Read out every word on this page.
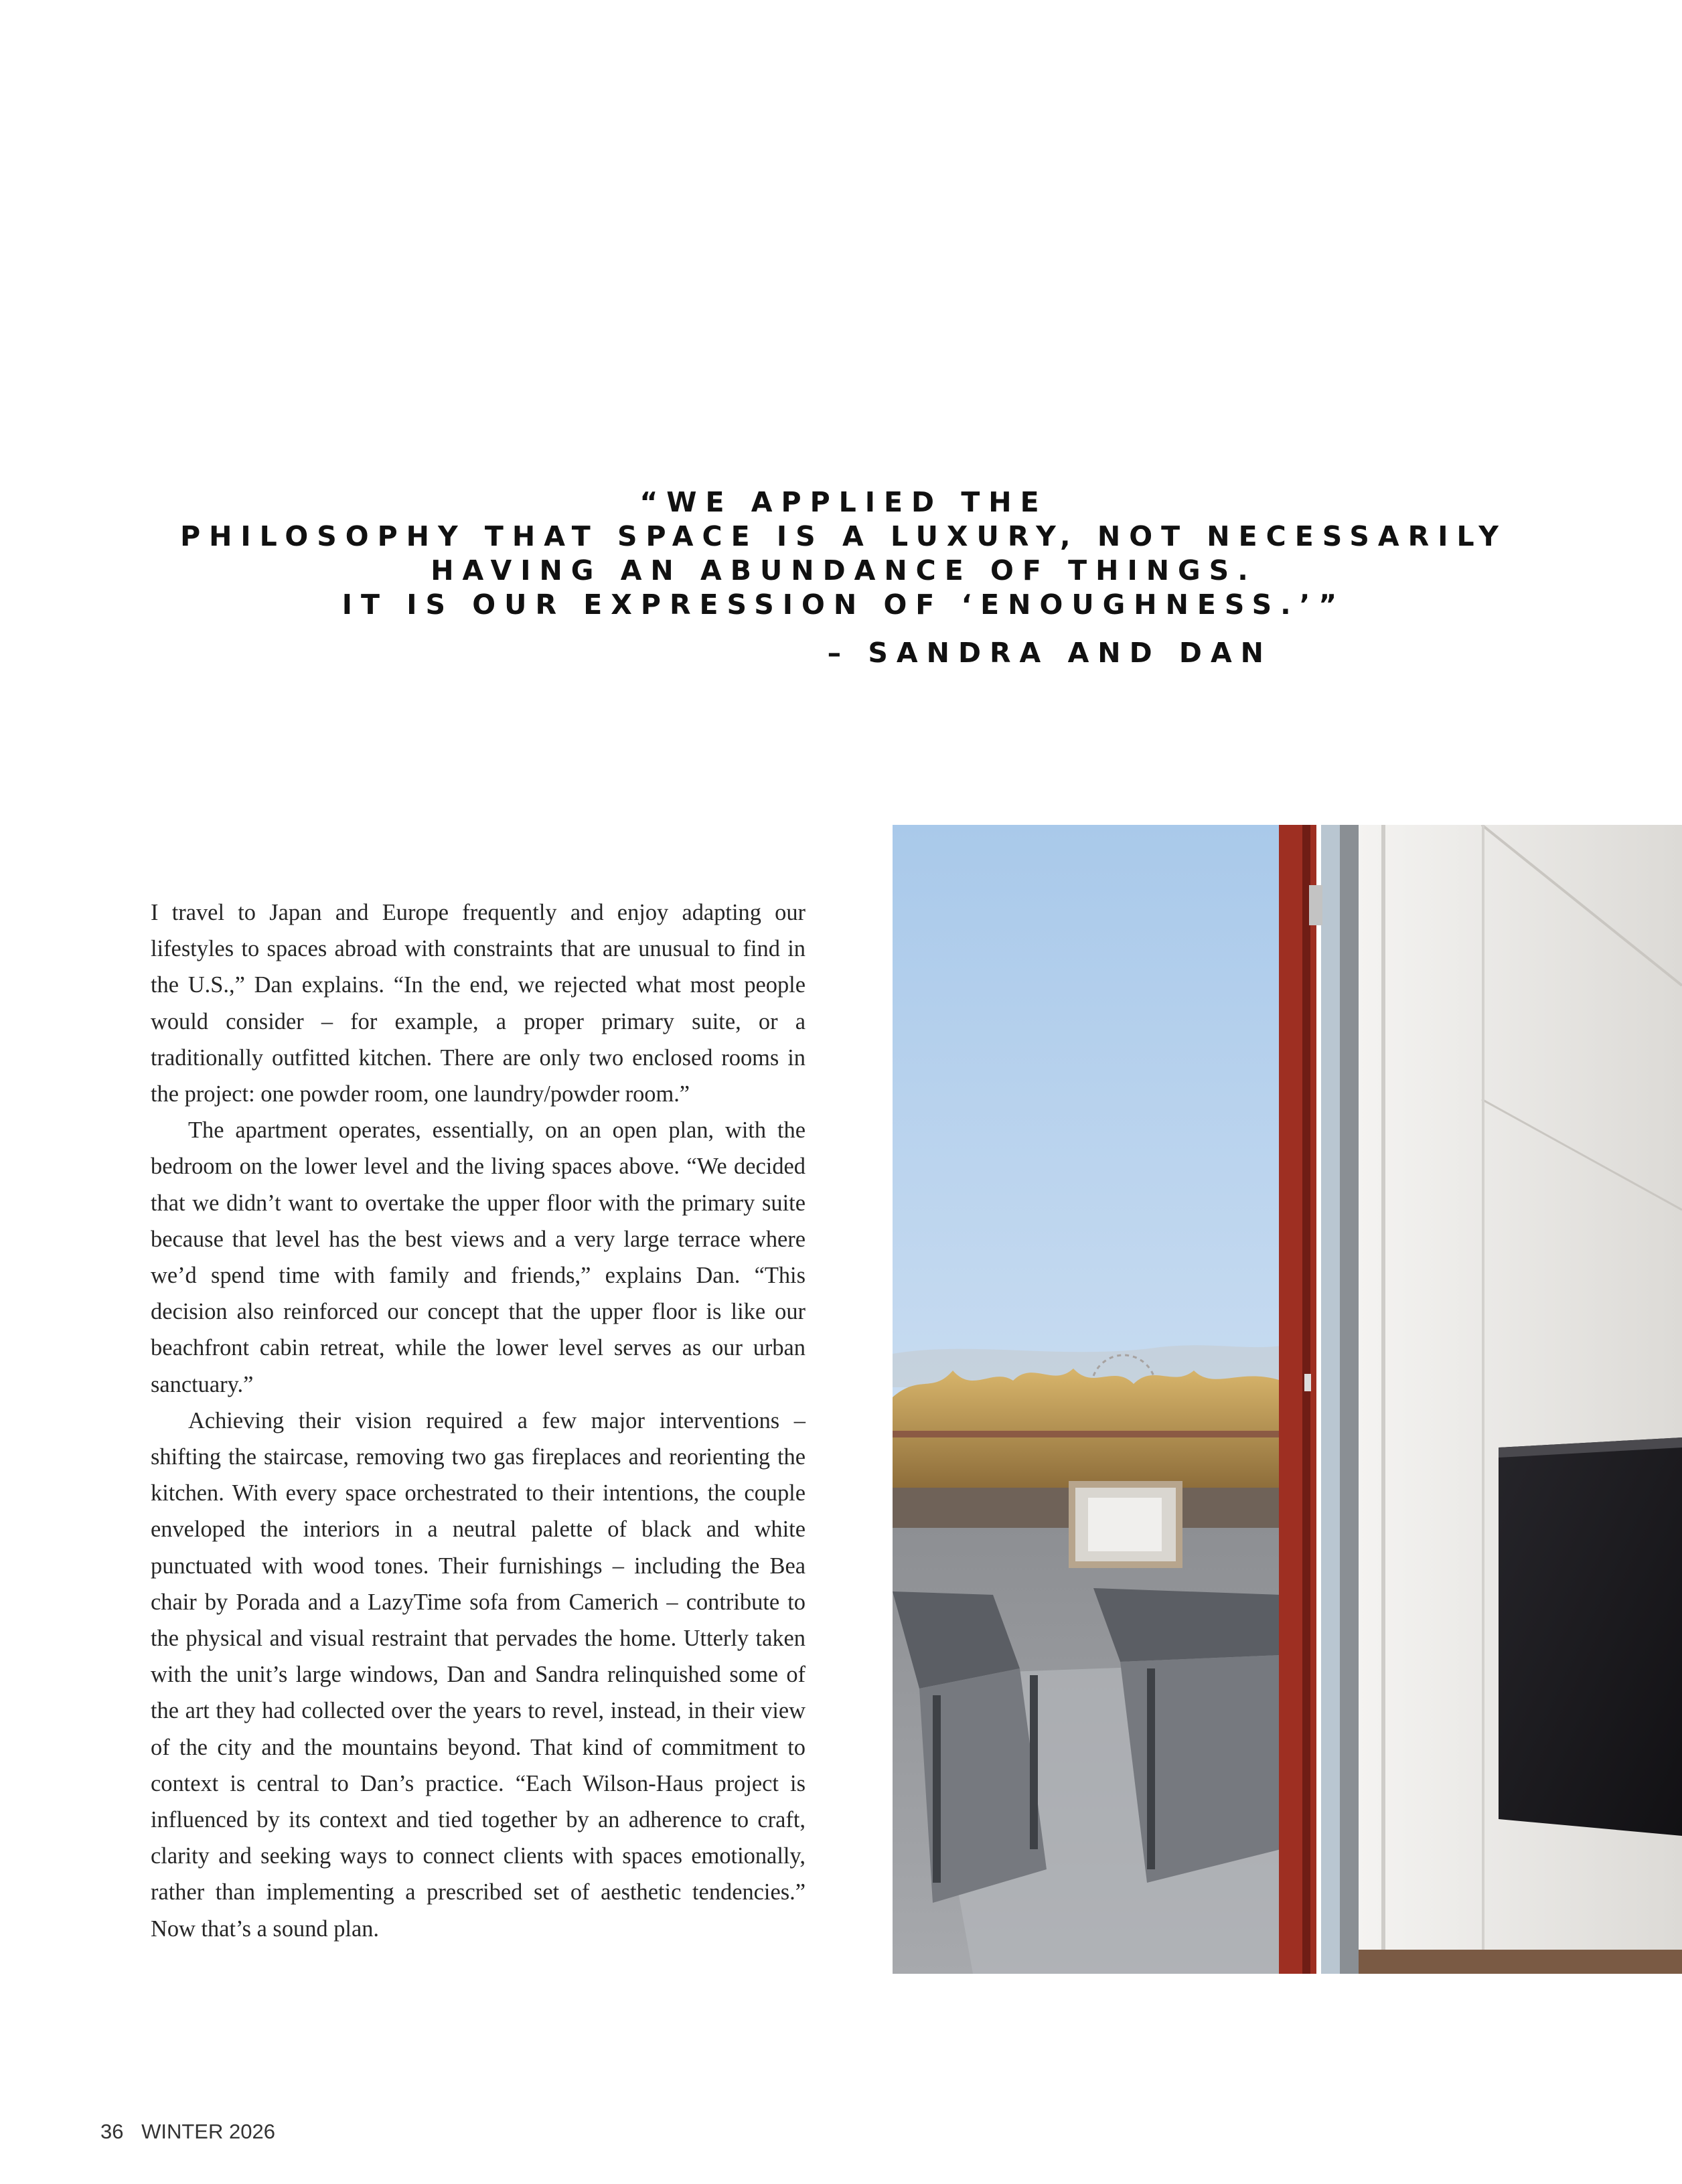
“WE APPLIED THE
PHILOSOPHY THAT SPACE IS A LUXURY, NOT NECESSARILY
HAVING AN ABUNDANCE OF THINGS.
IT IS OUR EXPRESSION OF ‘ENOUGHNESS.’”
– SANDRA AND DAN

I travel to Japan and Europe frequently and enjoy adapting our lifestyles to spaces abroad with constraints that are unusual to find in the U.S.,” Dan explains. “In the end, we rejected what most people would consider – for example, a proper primary suite, or a traditionally outfitted kitchen. There are only two enclosed rooms in the project: one powder room, one laundry/powder room.”

The apartment operates, essentially, on an open plan, with the bedroom on the lower level and the living spaces above. “We decided that we didn’t want to overtake the upper floor with the primary suite because that level has the best views and a very large terrace where we’d spend time with family and friends,” explains Dan. “This decision also reinforced our concept that the upper floor is like our beachfront cabin retreat, while the lower level serves as our urban sanctuary.”

Achieving their vision required a few major interventions – shifting the staircase, removing two gas fireplaces and reorienting the kitchen. With every space orchestrated to their intentions, the couple enveloped the interiors in a neutral palette of black and white punctuated with wood tones. Their furnishings – including the Bea chair by Porada and a LazyTime sofa from Camerich – contribute to the physical and visual restraint that pervades the home. Utterly taken with the unit’s large windows, Dan and Sandra relinquished some of the art they had collected over the years to revel, instead, in their view of the city and the mountains beyond. That kind of commitment to context is central to Dan’s practice. “Each Wilson-Haus project is influenced by its context and tied together by an adherence to craft, clarity and seeking ways to connect clients with spaces emotionally, rather than implementing a prescribed set of aesthetic tendencies.” Now that’s a sound plan.

36 WINTER 2026
